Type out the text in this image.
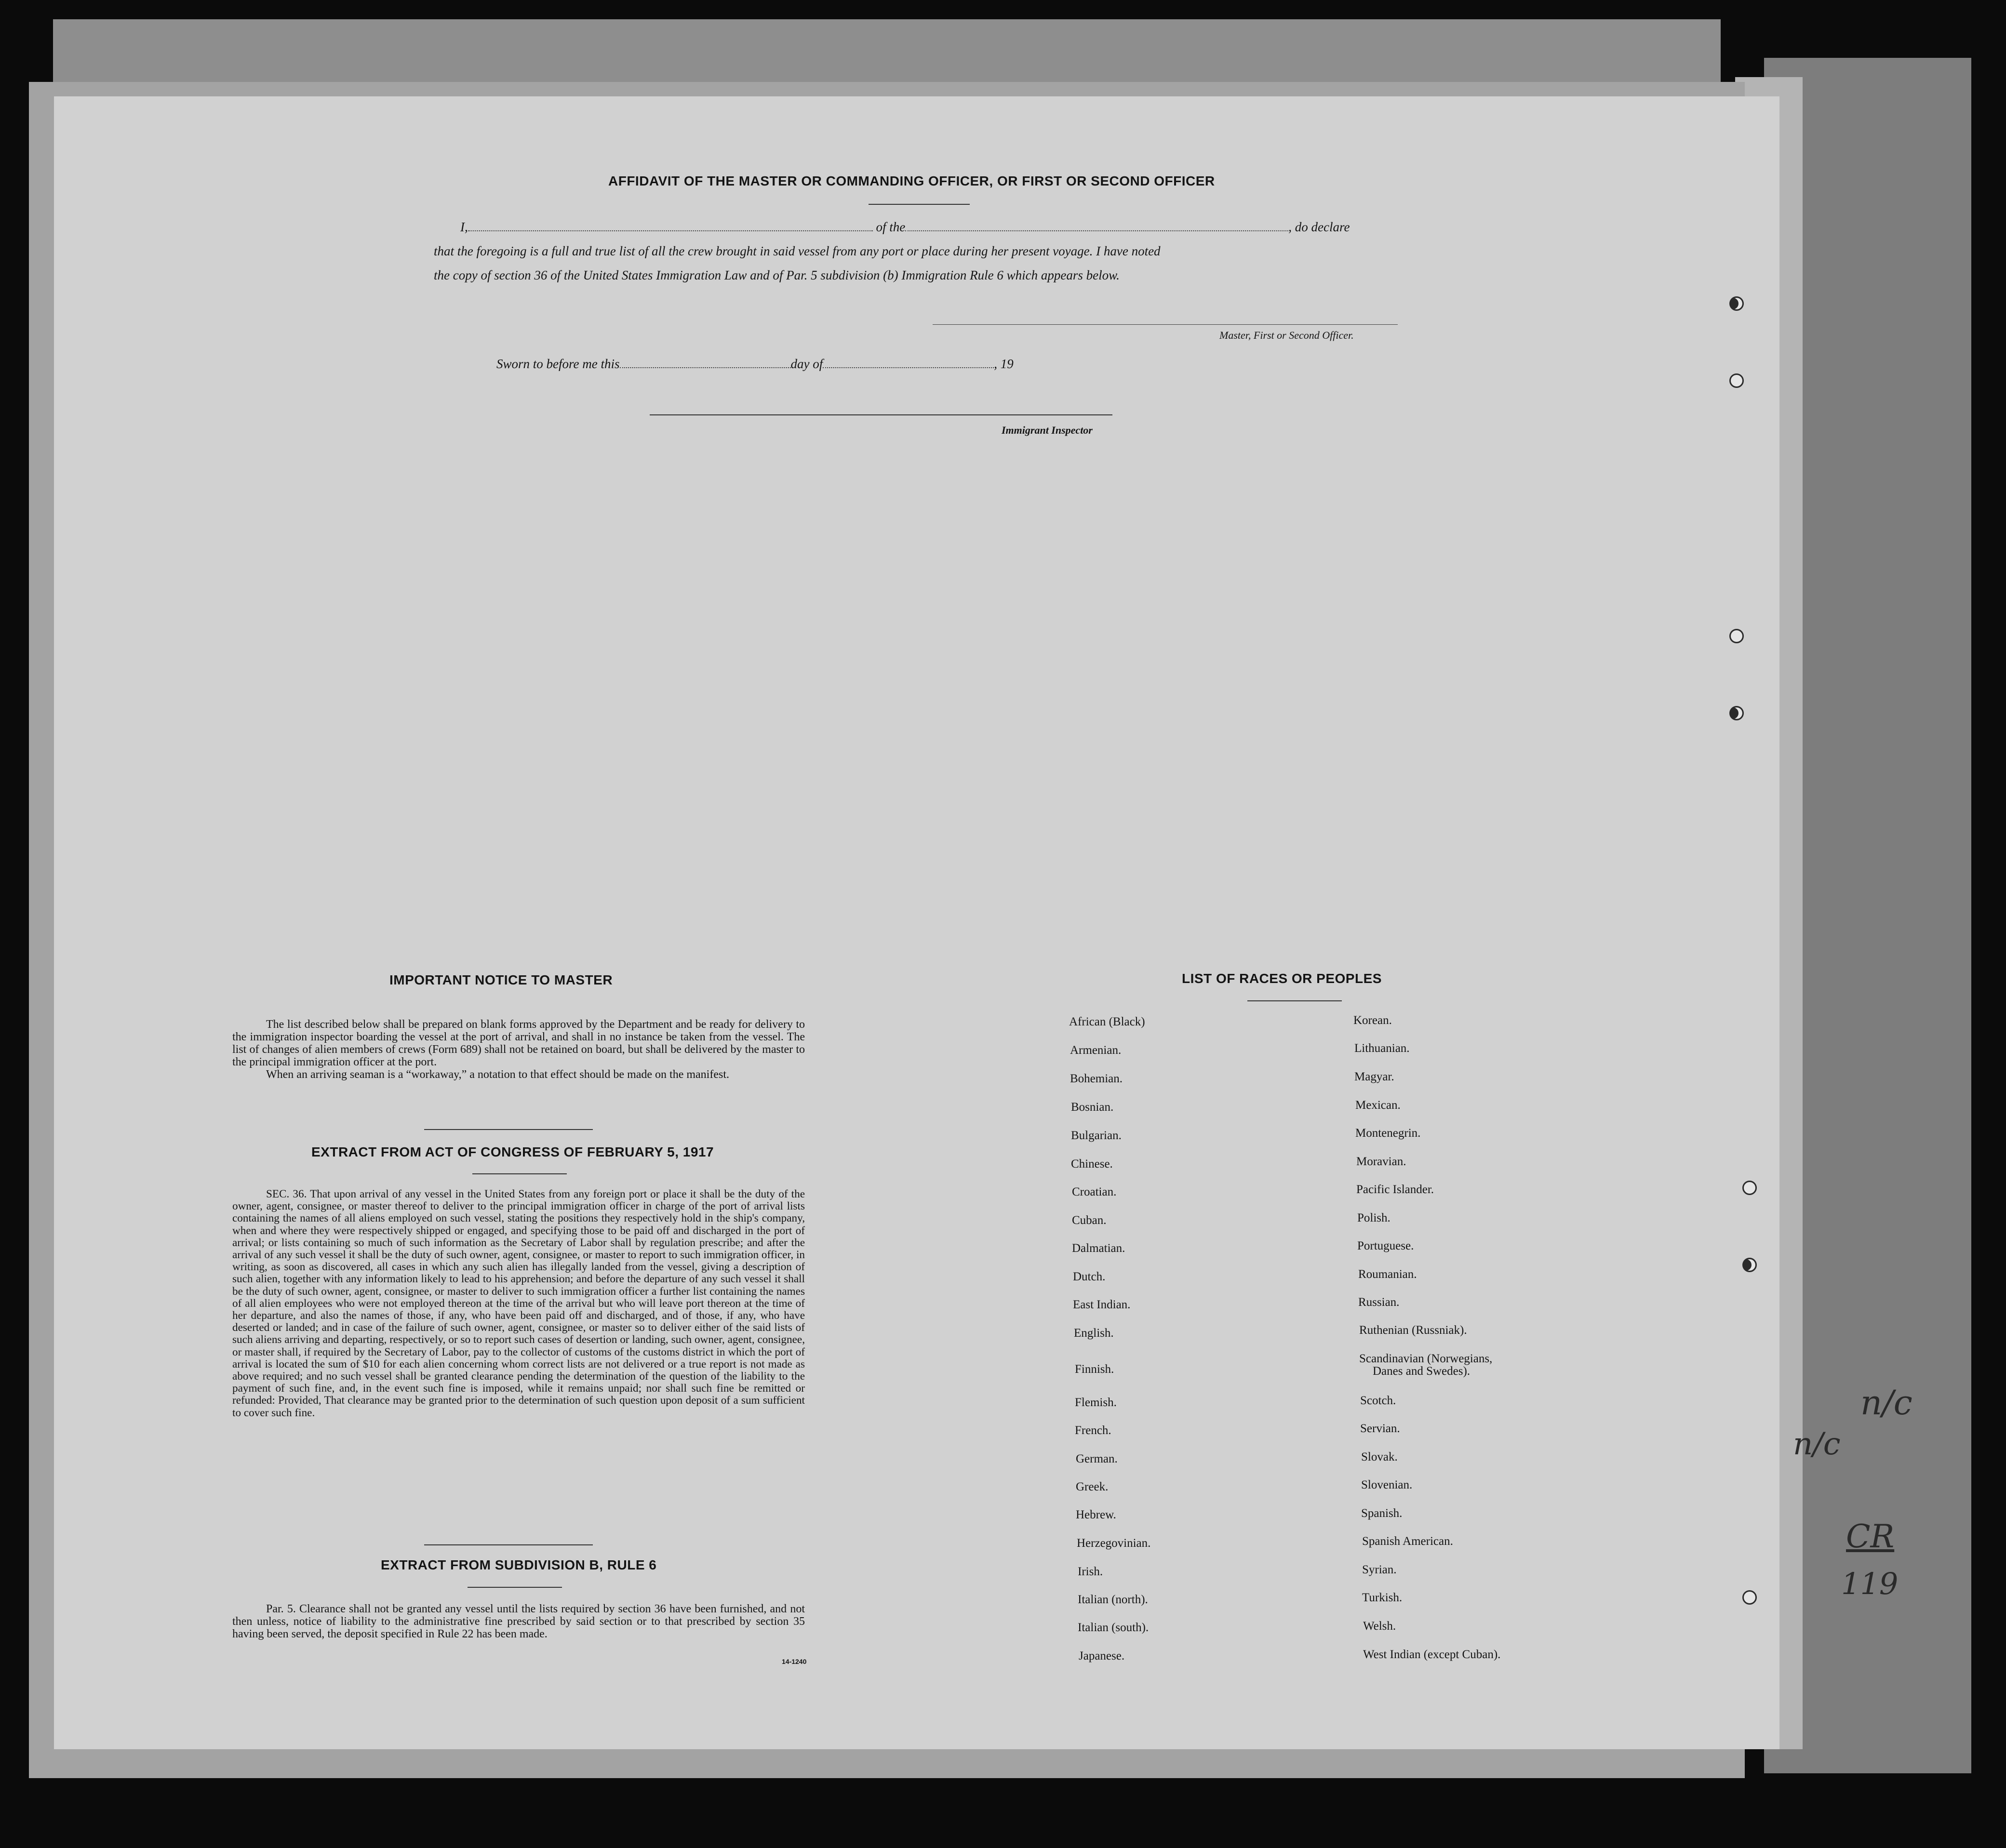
n/c
n/c
CR
119
AFFIDAVIT OF THE MASTER OR COMMANDING OFFICER, OR FIRST OR SECOND OFFICER
I,	of the	, do declare
that the foregoing is a full and true list of all the crew brought in said vessel from any port or place during her present voyage. I have noted
the copy of section 36 of the United States Immigration Law and of Par. 5 subdivision (b) Immigration Rule 6 which appears below.
Master, First or Second Officer.
Sworn to before me this	day of	, 19
Immigrant Inspector
IMPORTANT NOTICE TO MASTER

The list described below shall be prepared on blank forms approved by the Department and be ready for delivery to the immigration inspector boarding the vessel at the port of arrival, and shall in no instance be taken from the vessel. The list of changes of alien members of crews (Form 689) shall not be retained on board, but shall be delivered by the master to the principal immigration officer at the port.

When an arriving seaman is a “workaway,” a notation to that effect should be made on the manifest.

EXTRACT FROM ACT OF CONGRESS OF FEBRUARY 5, 1917

SEC. 36. That upon arrival of any vessel in the United States from any foreign port or place it shall be the duty of the owner, agent, consignee, or master thereof to deliver to the principal immigration officer in charge of the port of arrival lists containing the names of all aliens employed on such vessel, stating the positions they respectively hold in the ship's company, when and where they were respectively shipped or engaged, and specifying those to be paid off and discharged in the port of arrival; or lists containing so much of such information as the Secretary of Labor shall by regulation prescribe; and after the arrival of any such vessel it shall be the duty of such owner, agent, consignee, or master to report to such immigration officer, in writing, as soon as discovered, all cases in which any such alien has illegally landed from the vessel, giving a description of such alien, together with any information likely to lead to his apprehension; and before the departure of any such vessel it shall be the duty of such owner, agent, consignee, or master to deliver to such immigration officer a further list containing the names of all alien employees who were not employed thereon at the time of the arrival but who will leave port thereon at the time of her departure, and also the names of those, if any, who have been paid off and discharged, and of those, if any, who have deserted or landed; and in case of the failure of such owner, agent, consignee, or master so to deliver either of the said lists of such aliens arriving and departing, respectively, or so to report such cases of desertion or landing, such owner, agent, consignee, or master shall, if required by the Secretary of Labor, pay to the collector of customs of the customs district in which the port of arrival is located the sum of $10 for each alien concerning whom correct lists are not delivered or a true report is not made as above required; and no such vessel shall be granted clearance pending the determination of the question of the liability to the payment of such fine, and, in the event such fine is imposed, while it remains unpaid; nor shall such fine be remitted or refunded: Provided, That clearance may be granted prior to the determination of such question upon deposit of a sum sufficient to cover such fine.

EXTRACT FROM SUBDIVISION B, RULE 6

Par. 5. Clearance shall not be granted any vessel until the lists required by section 36 have been furnished, and not then unless, notice of liability to the administrative fine prescribed by said section or to that prescribed by section 35 having been served, the deposit specified in Rule 22 has been made.

14-1240
LIST OF RACES OR PEOPLES
African (Black)
Armenian.
Bohemian.
Bosnian.
Bulgarian.
Chinese.
Croatian.
Cuban.
Dalmatian.
Dutch.
East Indian.
English.
Finnish.
Flemish.
French.
German.
Greek.
Hebrew.
Herzegovinian.
Irish.
Italian (north).
Italian (south).
Japanese.
Korean.
Lithuanian.
Magyar.
Mexican.
Montenegrin.
Moravian.
Pacific Islander.
Polish.
Portuguese.
Roumanian.
Russian.
Ruthenian (Russniak).
Scandinavian (Norwegians,
Danes and Swedes).
Scotch.
Servian.
Slovak.
Slovenian.
Spanish.
Spanish American.
Syrian.
Turkish.
Welsh.
West Indian (except Cuban).
